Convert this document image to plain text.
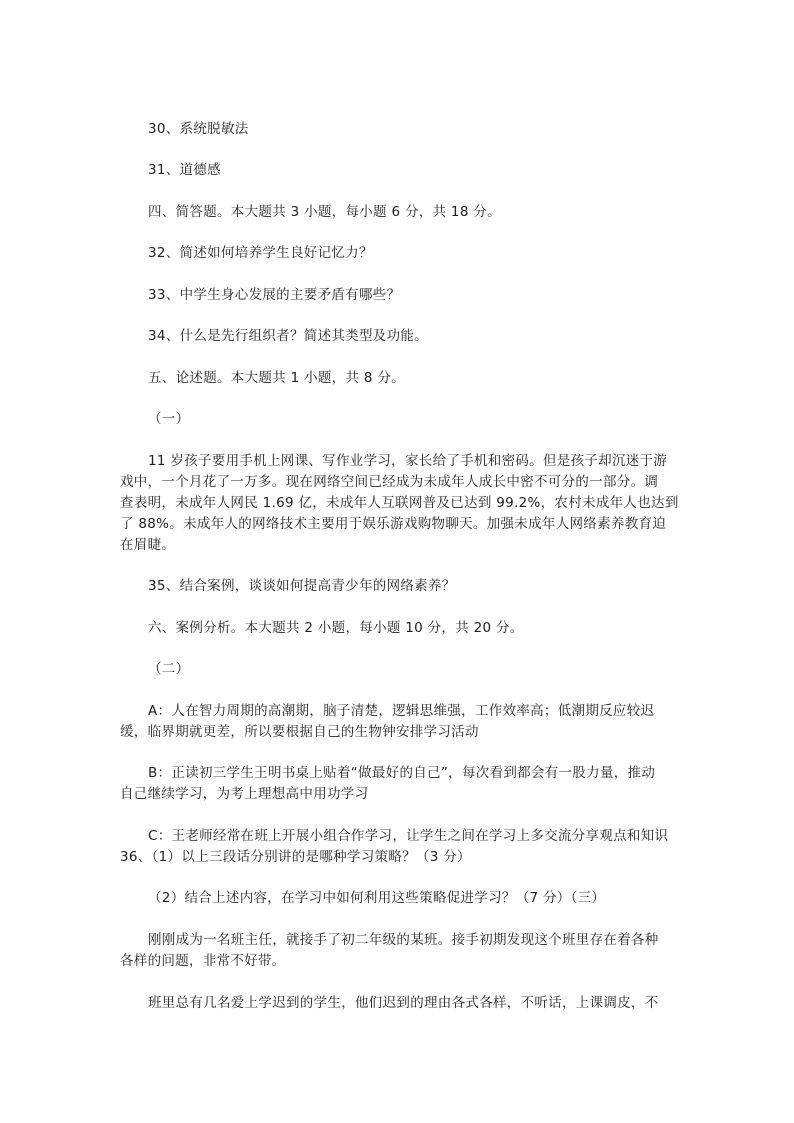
30、系统脱敏法
31、道德感
四、简答题。本大题共 3 小题，每小题 6 分，共 18 分。
32、简述如何培养学生良好记忆力？
33、中学生身心发展的主要矛盾有哪些？
34、什么是先行组织者？简述其类型及功能。
五、论述题。本大题共 1 小题，共 8 分。
（一）

11 岁孩子要用手机上网课、写作业学习，家长给了手机和密码。但是孩子却沉迷于游

戏中，一个月花了一万多。现在网络空间已经成为未成年人成长中密不可分的一部分。调

查表明，未成年人网民 1.69 亿，未成年人互联网普及已达到 99.2%，农村未成年人也达到

了 88%。未成年人的网络技术主要用于娱乐游戏购物聊天。加强未成年人网络素养教育迫

在眉睫。

35、结合案例，谈谈如何提高青少年的网络素养？
六、案例分析。本大题共 2 小题，每小题 10 分，共 20 分。
（二）

A：人在智力周期的高潮期，脑子清楚，逻辑思维强，工作效率高；低潮期反应较迟

缓，临界期就更差，所以要根据自己的生物钟安排学习活动

B：正读初三学生王明书桌上贴着“做最好的自己”，每次看到都会有一股力量，推动

自己继续学习，为考上理想高中用功学习

C：王老师经常在班上开展小组合作学习，让学生之间在学习上多交流分享观点和知识
36、（1）以上三段话分别讲的是哪种学习策略？（3 分）
（2）结合上述内容，在学习中如何利用这些策略促进学习？（7 分）（三）

刚刚成为一名班主任，就接手了初二年级的某班。接手初期发现这个班里存在着各种

各样的问题，非常不好带。

班里总有几名爱上学迟到的学生，他们迟到的理由各式各样，不听话，上课调皮，不
